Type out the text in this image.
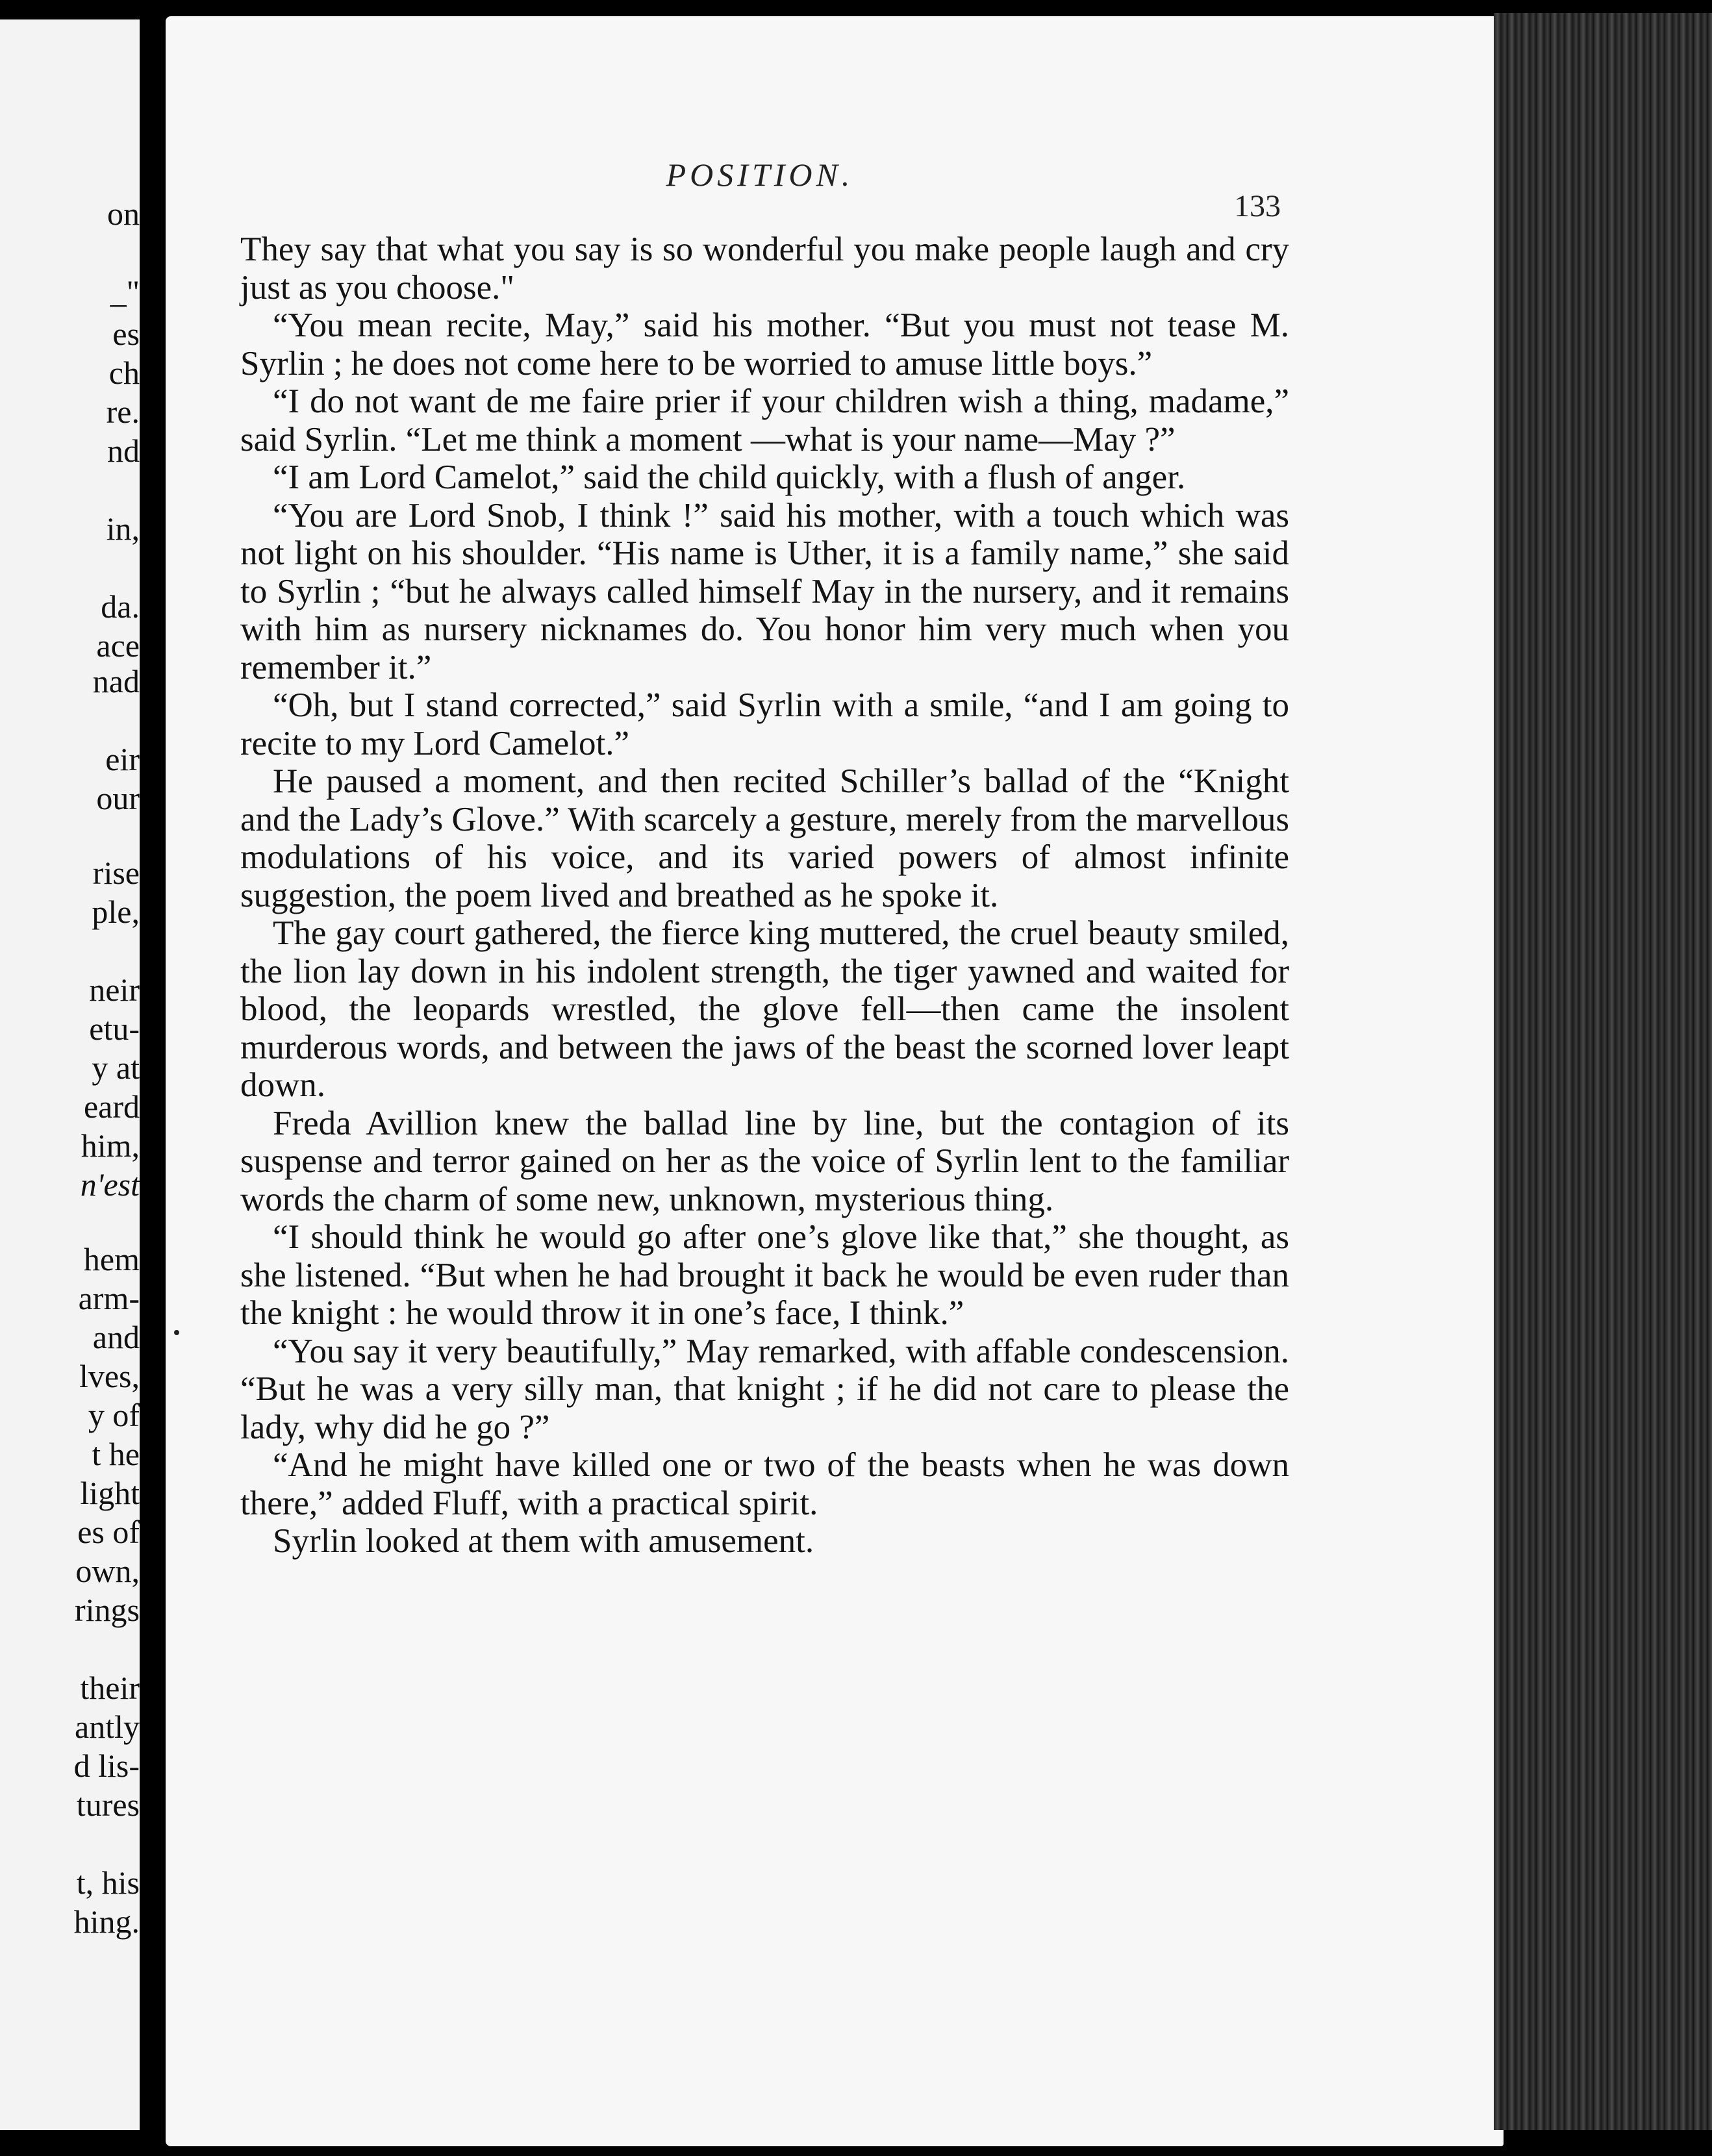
on
_"
es
ch
re.
nd
in,
da.
ace
nad
eir
our
rise
ple,
neir
etu-
y at
eard
him,
n'est
hem
arm-
and
lves,
y of
t he
light
es of
own,
rings
their
antly
d lis-
tures
t, his
hing.
POSITION.
133

They say that what you say is so wonderful you make people laugh and cry just as you choose."

“You mean recite, May,” said his mother. “But you must not tease M. Syrlin ; he does not come here to be worried to amuse little boys.”

“I do not want de me faire prier if your children wish a thing, madame,” said Syrlin. “Let me think a moment —what is your name—May ?”

“I am Lord Camelot,” said the child quickly, with a flush of anger.

“You are Lord Snob, I think !” said his mother, with a touch which was not light on his shoulder. “His name is Uther, it is a family name,” she said to Syrlin ; “but he always called himself May in the nursery, and it remains with him as nursery nicknames do. You honor him very much when you remember it.”

“Oh, but I stand corrected,” said Syrlin with a smile, “and I am going to recite to my Lord Camelot.”

He paused a moment, and then recited Schiller’s ballad of the “Knight and the Lady’s Glove.” With scarcely a gesture, merely from the marvellous modulations of his voice, and its varied powers of almost infinite suggestion, the poem lived and breathed as he spoke it.

The gay court gathered, the fierce king muttered, the cruel beauty smiled, the lion lay down in his indolent strength, the tiger yawned and waited for blood, the leopards wrestled, the glove fell—then came the insolent murderous words, and between the jaws of the beast the scorned lover leapt down.

Freda Avillion knew the ballad line by line, but the contagion of its suspense and terror gained on her as the voice of Syrlin lent to the familiar words the charm of some new, unknown, mysterious thing.

“I should think he would go after one’s glove like that,” she thought, as she listened. “But when he had brought it back he would be even ruder than the knight : he would throw it in one’s face, I think.”

“You say it very beautifully,” May remarked, with affable condescension. “But he was a very silly man, that knight ; if he did not care to please the lady, why did he go ?”

“And he might have killed one or two of the beasts when he was down there,” added Fluff, with a practical spirit.

Syrlin looked at them with amusement.
